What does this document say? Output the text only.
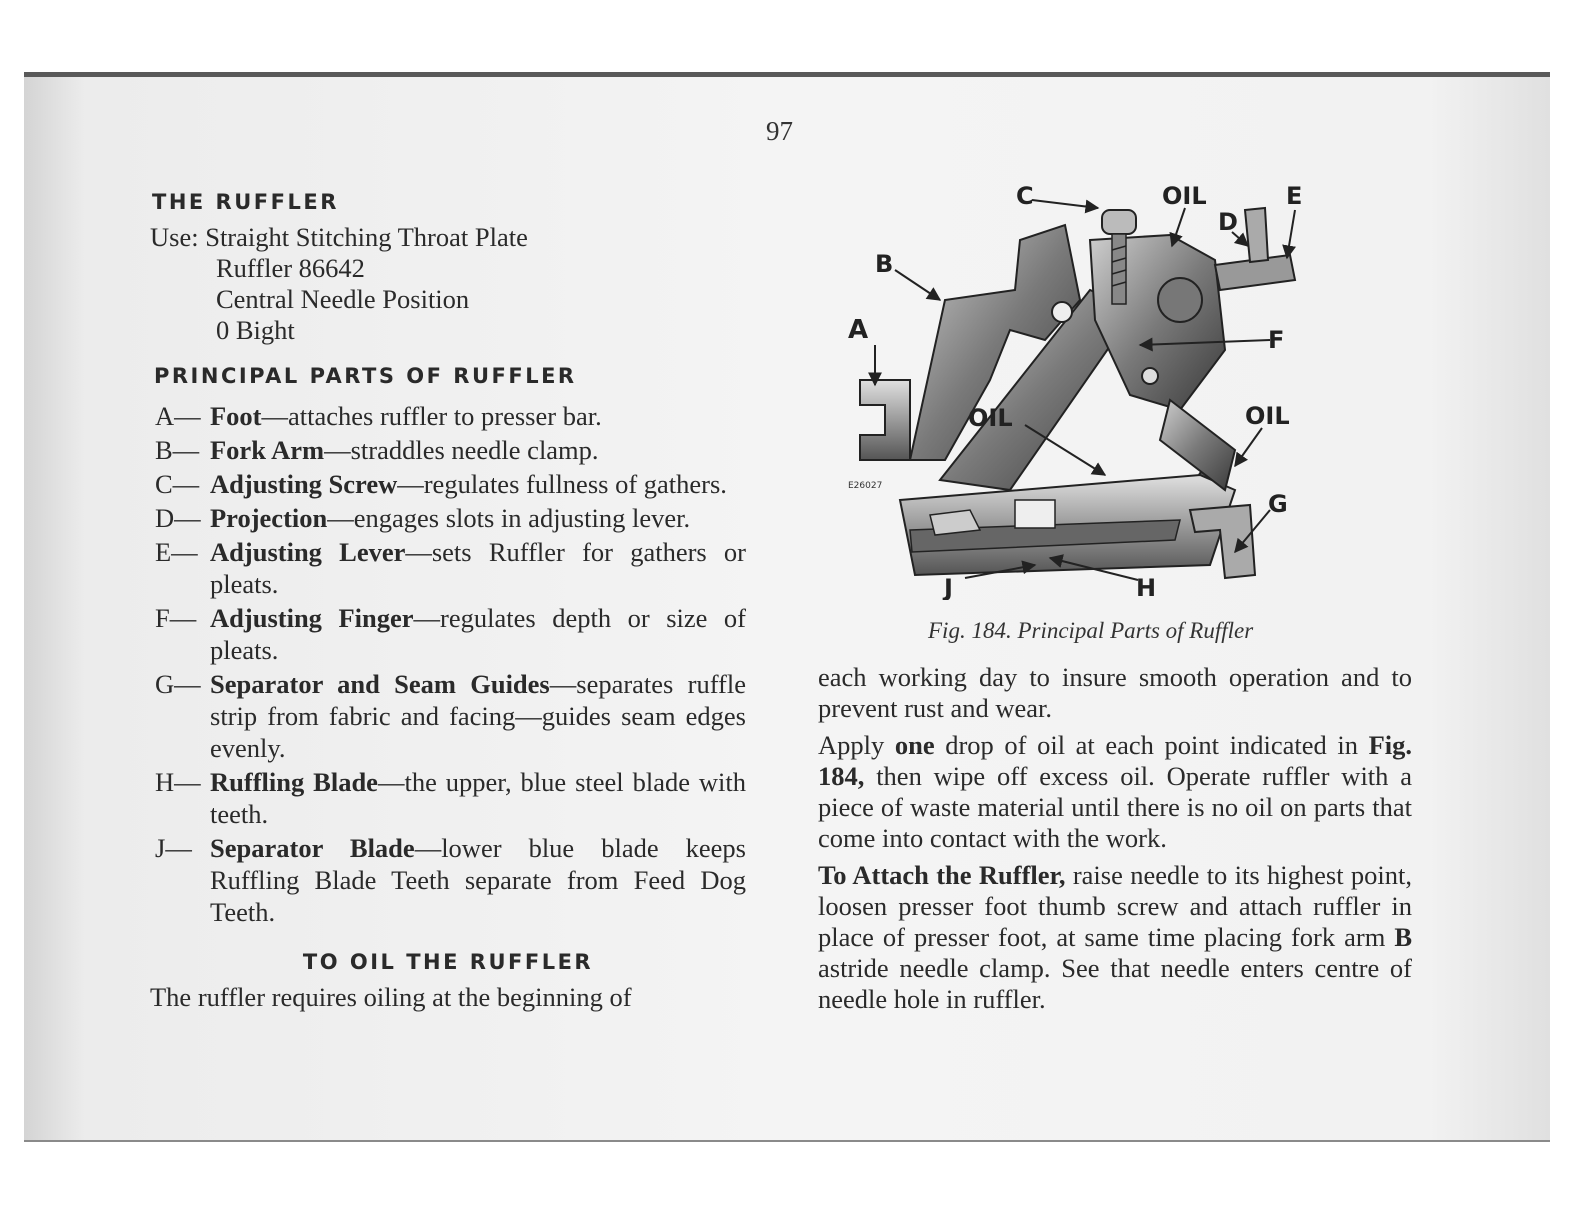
97
THE RUFFLER
Use: Straight Stitching Throat Plate
Ruffler 86642
Central Needle Position
0 Bight
PRINCIPAL PARTS OF RUFFLER
A— Foot—attaches ruffler to presser bar.
B— Fork Arm—straddles needle clamp.
C— Adjusting Screw—regulates fullness of gathers.
D— Projection—engages slots in adjusting lever.
E— Adjusting Lever—sets Ruffler for gathers or pleats.
F— Adjusting Finger—regulates depth or size of pleats.
G— Separator and Seam Guides—separates ruffle strip from fabric and facing—guides seam edges evenly.
H— Ruffling Blade—the upper, blue steel blade with teeth.
J— Separator Blade—lower blue blade keeps Ruffling Blade Teeth separate from Feed Dog Teeth.
TO OIL THE RUFFLER
The ruffler requires oiling at the beginning of
A
B
C	OIL
D
E
F
OIL	OIL
G
J	H
E26027
Fig. 184. Principal Parts of Ruffler
each working day to insure smooth operation and to prevent rust and wear.
Apply one drop of oil at each point indicated in Fig. 184, then wipe off excess oil. Operate ruffler with a piece of waste material until there is no oil on parts that come into contact with the work.
To Attach the Ruffler, raise needle to its highest point, loosen presser foot thumb screw and attach ruffler in place of presser foot, at same time placing fork arm B astride needle clamp. See that needle enters centre of needle hole in ruffler.
